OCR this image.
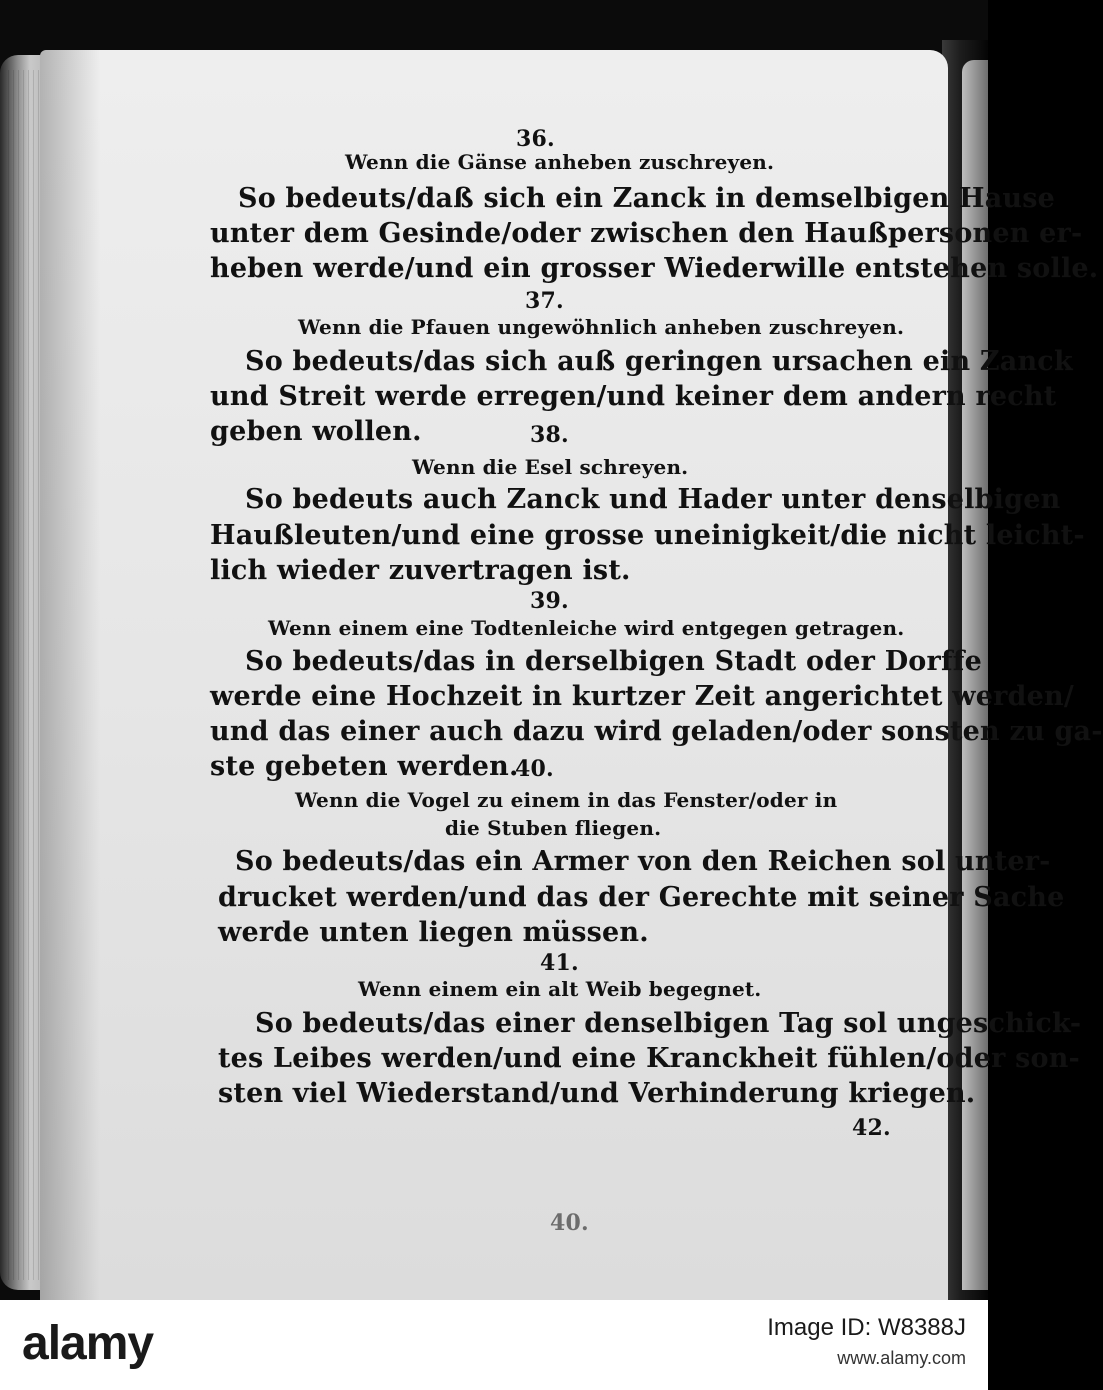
36.
Wenn die Gänse anheben zuschreyen.
So bedeuts/daß sich ein Zanck in demselbigen Hause
unter dem Gesinde/oder zwischen den Haußpersonen er-
heben werde/und ein grosser Wiederwille entstehen solle.
37.
Wenn die Pfauen ungewöhnlich anheben zuschreyen.
So bedeuts/das sich auß geringen ursachen ein Zanck
und Streit werde erregen/und keiner dem andern recht
geben wollen.	38.
Wenn die Esel schreyen.
So bedeuts auch Zanck und Hader unter denselbigen
Haußleuten/und eine grosse uneinigkeit/die nicht leicht-
lich wieder zuvertragen ist.
39.
Wenn einem eine Todtenleiche wird entgegen getragen.
So bedeuts/das in derselbigen Stadt oder Dorffe
werde eine Hochzeit in kurtzer Zeit angerichtet werden/
und das einer auch dazu wird geladen/oder sonsten zu ga-
ste gebeten werden.
40.
Wenn die Vogel zu einem in das Fenster/oder in
die Stuben fliegen.
So bedeuts/das ein Armer von den Reichen sol unter-
drucket werden/und das der Gerechte mit seiner Sache
werde unten liegen müssen.
41.
Wenn einem ein alt Weib begegnet.
So bedeuts/das einer denselbigen Tag sol ungeschick-
tes Leibes werden/und eine Kranckheit fühlen/oder son-
sten viel Wiederstand/und Verhinderung kriegen.
42.
40.
alamy	Image ID: W8388J
www.alamy.com
